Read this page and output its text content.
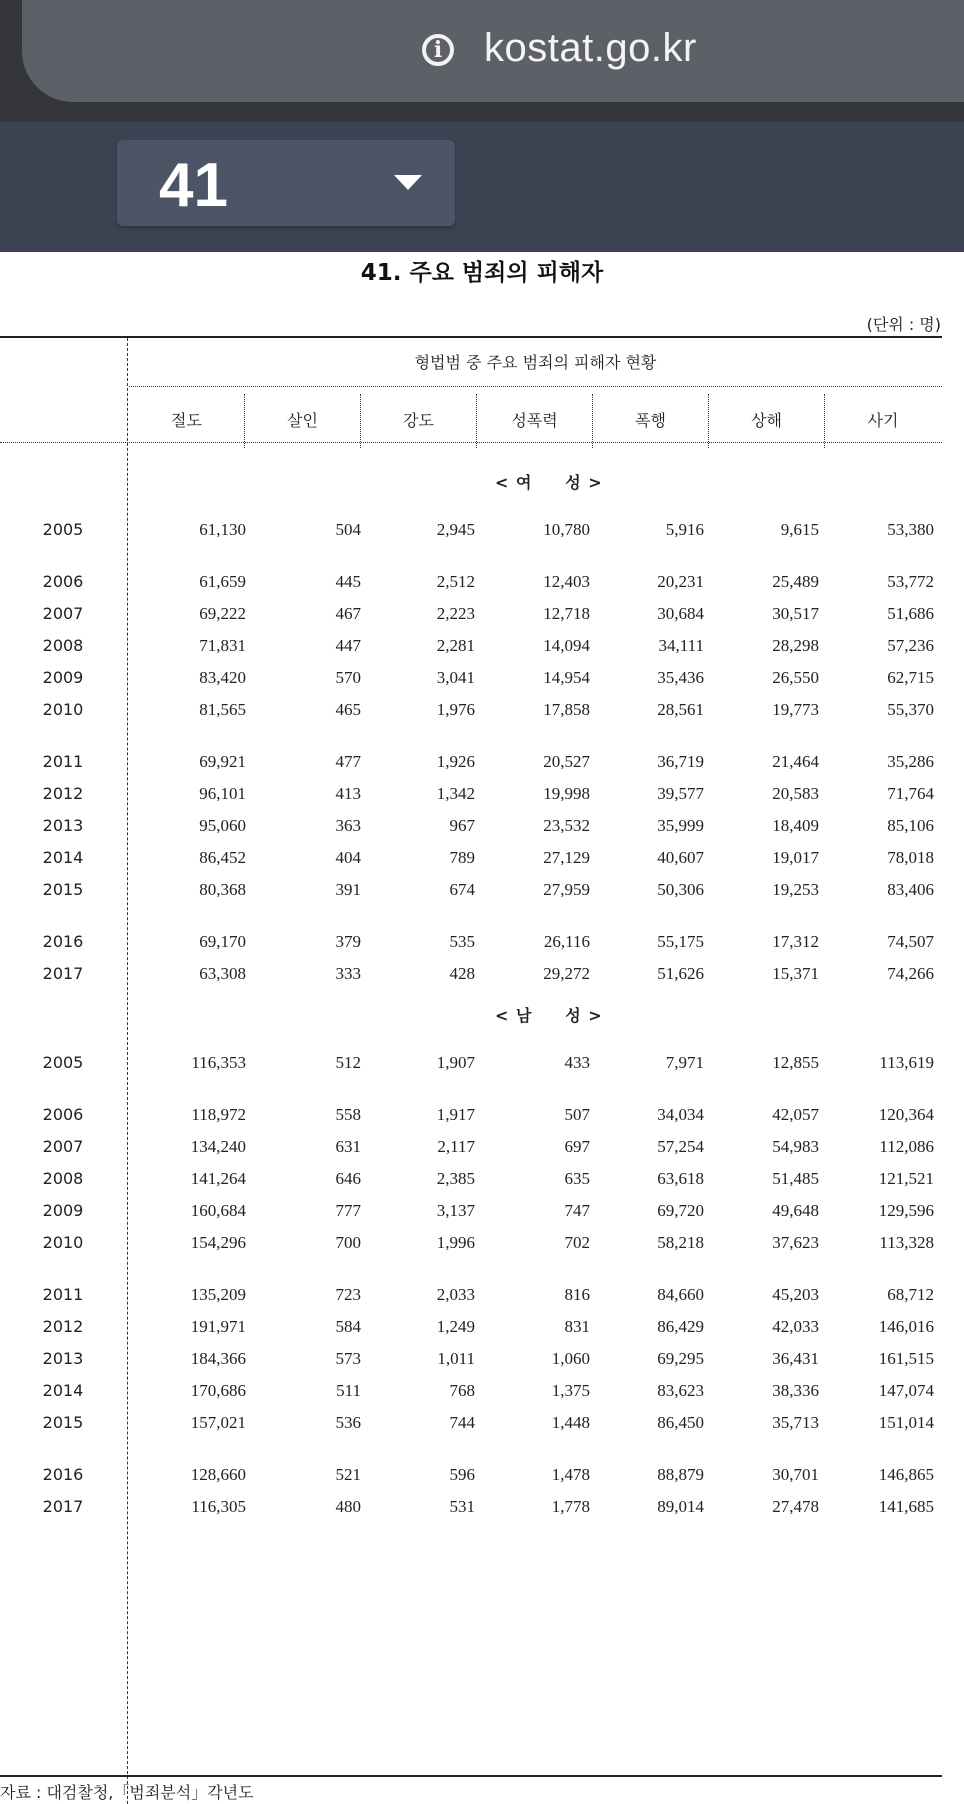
i kostat.go.kr
41
41. 주요 범죄의 피해자
(단위 : 명)
형법범 중 주요 범죄의 피해자 현황
절도	살인	강도	성폭력	폭행	상해	사기
< 여     성 >
2005	61,130	504	2,945	10,780	5,916	9,615	53,380
2006	61,659	445	2,512	12,403	20,231	25,489	53,772
2007	69,222	467	2,223	12,718	30,684	30,517	51,686
2008	71,831	447	2,281	14,094	34,111	28,298	57,236
2009	83,420	570	3,041	14,954	35,436	26,550	62,715
2010	81,565	465	1,976	17,858	28,561	19,773	55,370
2011	69,921	477	1,926	20,527	36,719	21,464	35,286
2012	96,101	413	1,342	19,998	39,577	20,583	71,764
2013	95,060	363	967	23,532	35,999	18,409	85,106
2014	86,452	404	789	27,129	40,607	19,017	78,018
2015	80,368	391	674	27,959	50,306	19,253	83,406
2016	69,170	379	535	26,116	55,175	17,312	74,507
2017	63,308	333	428	29,272	51,626	15,371	74,266
< 남     성 >
2005	116,353	512	1,907	433	7,971	12,855	113,619
2006	118,972	558	1,917	507	34,034	42,057	120,364
2007	134,240	631	2,117	697	57,254	54,983	112,086
2008	141,264	646	2,385	635	63,618	51,485	121,521
2009	160,684	777	3,137	747	69,720	49,648	129,596
2010	154,296	700	1,996	702	58,218	37,623	113,328
2011	135,209	723	2,033	816	84,660	45,203	68,712
2012	191,971	584	1,249	831	86,429	42,033	146,016
2013	184,366	573	1,011	1,060	69,295	36,431	161,515
2014	170,686	511	768	1,375	83,623	38,336	147,074
2015	157,021	536	744	1,448	86,450	35,713	151,014
2016	128,660	521	596	1,478	88,879	30,701	146,865
2017	116,305	480	531	1,778	89,014	27,478	141,685
자료 : 대검찰청,「범죄분석」각년도
